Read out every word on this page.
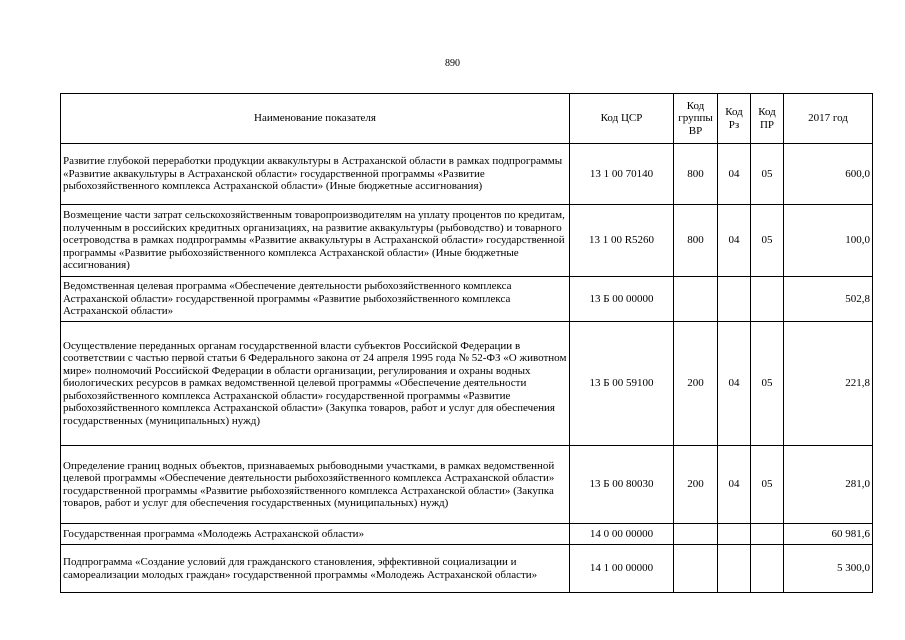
890
Наименование показателя	Код ЦСР	Код группы ВР	Код Рз	Код ПР	2017 год
Развитие глубокой переработки продукции аквакультуры в Астраханской области в рамках подпрограммы «Развитие аквакультуры в Астраханской области» государственной программы «Развитие рыбохозяйственного комплекса Астраханской области» (Иные бюджетные ассигнования)	13 1 00 70140	800	04	05	600,0
Возмещение части затрат сельскохозяйственным товаропроизводителям на уплату процентов по кредитам, полученным в российских кредитных организациях, на развитие аквакультуры (рыбоводство) и товарного осетроводства в рамках подпрограммы «Развитие аквакультуры в Астраханской области» государственной программы «Развитие рыбохозяйственного комплекса Астраханской области» (Иные бюджетные ассигнования)	13 1 00 R5260	800	04	05	100,0
Ведомственная целевая программа «Обеспечение деятельности рыбохозяйственного комплекса Астраханской области» государственной программы «Развитие рыбохозяйственного комплекса Астраханской области»	13 Б 00 00000				502,8
Осуществление переданных органам государственной власти субъектов Российской Федерации в соответствии с частью первой статьи 6 Федерального закона от 24 апреля 1995 года № 52-ФЗ «О животном мире» полномочий Российской Федерации в области организации, регулирования и охраны водных биологических ресурсов в рамках ведомственной целевой программы «Обеспечение деятельности рыбохозяйственного комплекса Астраханской области» государственной программы «Развитие рыбохозяйственного комплекса Астраханской области» (Закупка товаров, работ и услуг для обеспечения государственных (муниципальных) нужд)	13 Б 00 59100	200	04	05	221,8
Определение границ водных объектов, признаваемых рыбоводными участками, в рамках ведомственной целевой программы «Обеспечение деятельности рыбохозяйственного комплекса Астраханской области» государственной программы «Развитие рыбохозяйственного комплекса Астраханской области» (Закупка товаров, работ и услуг для обеспечения государственных (муниципальных) нужд)	13 Б 00 80030	200	04	05	281,0
Государственная программа «Молодежь Астраханской области»	14 0 00 00000				60 981,6
Подпрограмма «Создание условий для гражданского становления, эффективной социализации и самореализации молодых граждан» государственной программы «Молодежь Астраханской области»	14 1 00 00000				5 300,0
